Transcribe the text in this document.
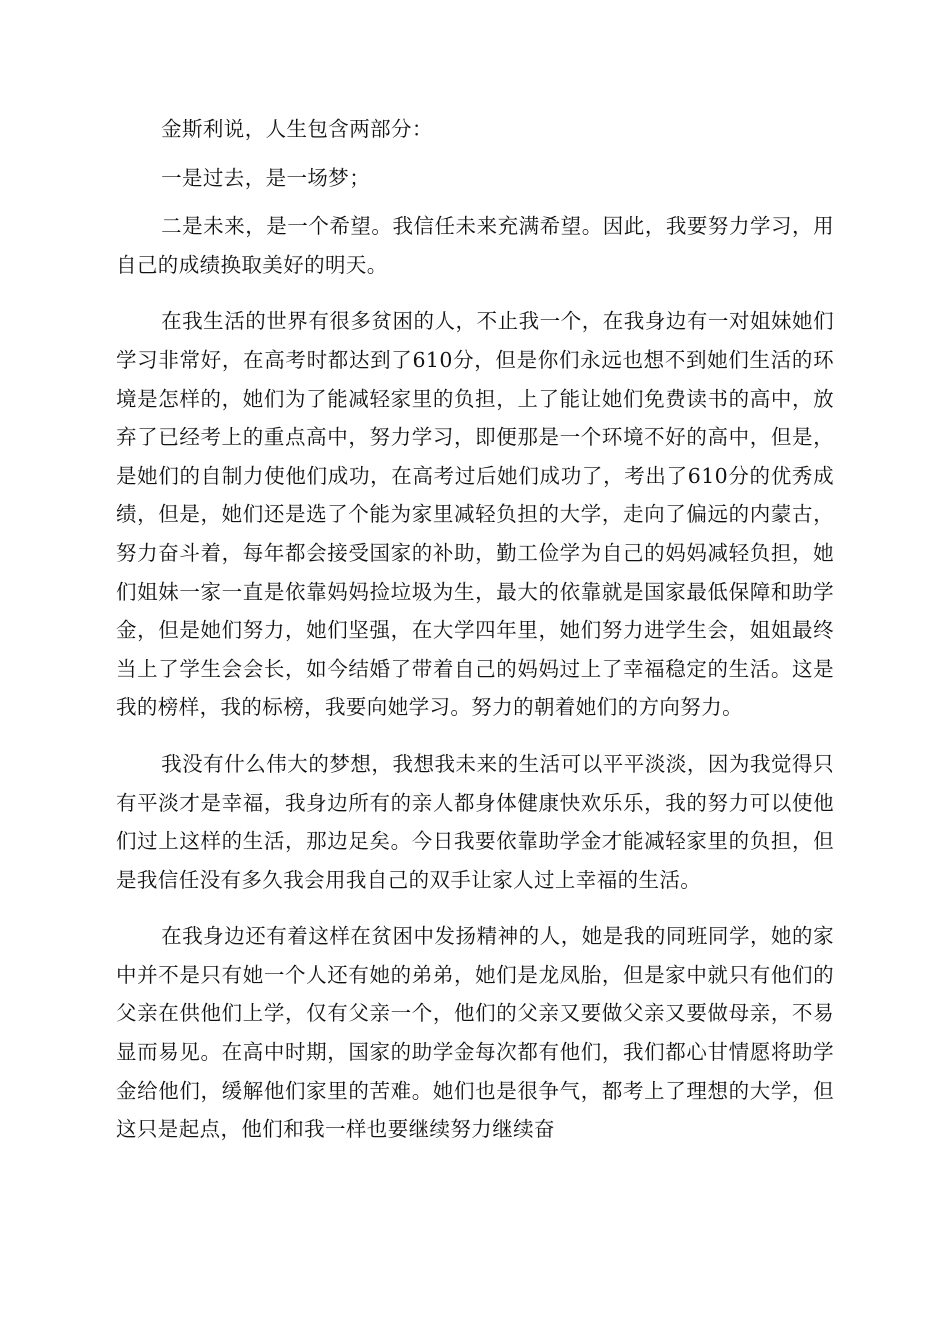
金斯利说，人生包含两部分：

一是过去，是一场梦；

二是未来，是一个希望。我信任未来充满希望。因此，我要努力学习，用自己的成绩换取美好的明天。

在我生活的世界有很多贫困的人，不止我一个，在我身边有一对姐妹她们学习非常好，在高考时都达到了610分，但是你们永远也想不到她们生活的环境是怎样的，她们为了能减轻家里的负担，上了能让她们免费读书的高中，放弃了已经考上的重点高中，努力学习，即便那是一个环境不好的高中，但是，是她们的自制力使他们成功，在高考过后她们成功了，考出了610分的优秀成绩，但是，她们还是选了个能为家里减轻负担的大学，走向了偏远的内蒙古，努力奋斗着，每年都会接受国家的补助，勤工俭学为自己的妈妈减轻负担，她们姐妹一家一直是依靠妈妈捡垃圾为生，最大的依靠就是国家最低保障和助学金，但是她们努力，她们坚强，在大学四年里，她们努力进学生会，姐姐最终当上了学生会会长，如今结婚了带着自己的妈妈过上了幸福稳定的生活。这是我的榜样，我的标榜，我要向她学习。努力的朝着她们的方向努力。

我没有什么伟大的梦想，我想我未来的生活可以平平淡淡，因为我觉得只有平淡才是幸福，我身边所有的亲人都身体健康快欢乐乐，我的努力可以使他们过上这样的生活，那边足矣。今日我要依靠助学金才能减轻家里的负担，但是我信任没有多久我会用我自己的双手让家人过上幸福的生活。

在我身边还有着这样在贫困中发扬精神的人，她是我的同班同学，她的家中并不是只有她一个人还有她的弟弟，她们是龙凤胎，但是家中就只有他们的父亲在供他们上学，仅有父亲一个，他们的父亲又要做父亲又要做母亲，不易显而易见。在高中时期，国家的助学金每次都有他们，我们都心甘情愿将助学金给他们，缓解他们家里的苦难。她们也是很争气，都考上了理想的大学，但这只是起点，他们和我一样也要继续努力继续奋
